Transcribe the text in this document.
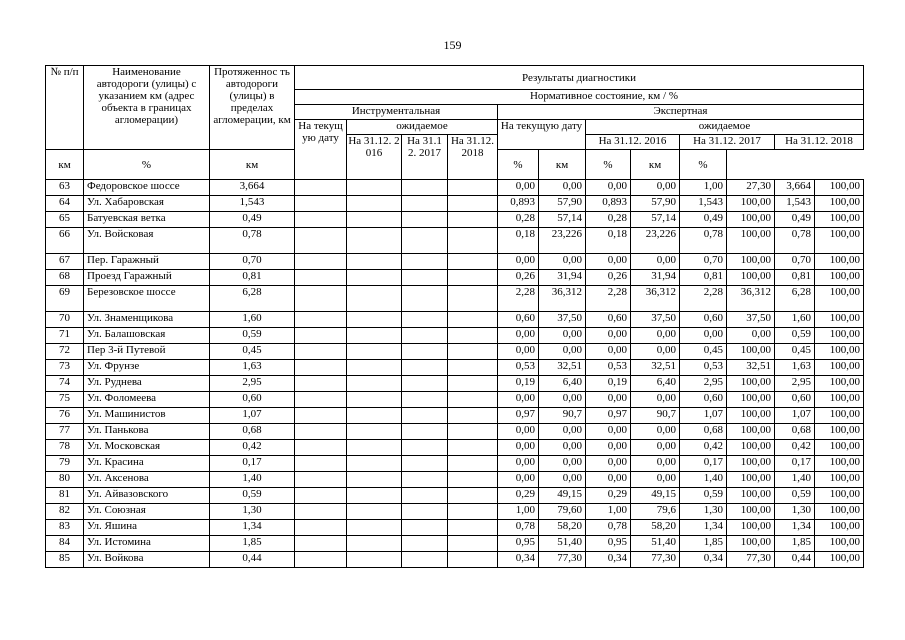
159
№ п/п	Наименование автодороги (улицы) с указанием км (адрес объекта в границах агломерации)	Протяженнос ть автодороги (улицы) в пределах агломерации, км	Результаты диагностики											
			Нормативное состояние, км / %											
			Инструментальная				Экспертная							
			На текущ ую дату	ожидаемое			На текущую дату		ожидаемое					
				На 31.12. 2016	На 31.12. 2017	На 31.12. 2018			На 31.12. 2016		На 31.12. 2017		На 31.12. 2018	
км	%	км					%	км	%	км	%			
63	Федоровское шоссе	3,664					0,00	0,00	0,00	0,00	1,00	27,30	3,664	100,00
64	Ул. Хабаровская	1,543					0,893	57,90	0,893	57,90	1,543	100,00	1,543	100,00
65	Батуевская ветка	0,49					0,28	57,14	0,28	57,14	0,49	100,00	0,49	100,00
66	Ул. Войсковая	0,78					0,18	23,226	0,18	23,226	0,78	100,00	0,78	100,00
67	Пер. Гаражный	0,70					0,00	0,00	0,00	0,00	0,70	100,00	0,70	100,00
68	Проезд Гаражный	0,81					0,26	31,94	0,26	31,94	0,81	100,00	0,81	100,00
69	Березовское шоссе	6,28					2,28	36,312	2,28	36,312	2,28	36,312	6,28	100,00
70	Ул. Знаменщикова	1,60					0,60	37,50	0,60	37,50	0,60	37,50	1,60	100,00
71	Ул. Балашовская	0,59					0,00	0,00	0,00	0,00	0,00	0,00	0,59	100,00
72	Пер 3-й Путевой	0,45					0,00	0,00	0,00	0,00	0,45	100,00	0,45	100,00
73	Ул. Фрунзе	1,63					0,53	32,51	0,53	32,51	0,53	32,51	1,63	100,00
74	Ул. Руднева	2,95					0,19	6,40	0,19	6,40	2,95	100,00	2,95	100,00
75	Ул. Фоломеева	0,60					0,00	0,00	0,00	0,00	0,60	100,00	0,60	100,00
76	Ул. Машинистов	1,07					0,97	90,7	0,97	90,7	1,07	100,00	1,07	100,00
77	Ул. Панькова	0,68					0,00	0,00	0,00	0,00	0,68	100,00	0,68	100,00
78	Ул. Московская	0,42					0,00	0,00	0,00	0,00	0,42	100,00	0,42	100,00
79	Ул. Красина	0,17					0,00	0,00	0,00	0,00	0,17	100,00	0,17	100,00
80	Ул. Аксенова	1,40					0,00	0,00	0,00	0,00	1,40	100,00	1,40	100,00
81	Ул. Айвазовского	0,59					0,29	49,15	0,29	49,15	0,59	100,00	0,59	100,00
82	Ул. Союзная	1,30					1,00	79,60	1,00	79,6	1,30	100,00	1,30	100,00
83	Ул. Яшина	1,34					0,78	58,20	0,78	58,20	1,34	100,00	1,34	100,00
84	Ул. Истомина	1,85					0,95	51,40	0,95	51,40	1,85	100,00	1,85	100,00
85	Ул. Войкова	0,44					0,34	77,30	0,34	77,30	0,34	77,30	0,44	100,00
